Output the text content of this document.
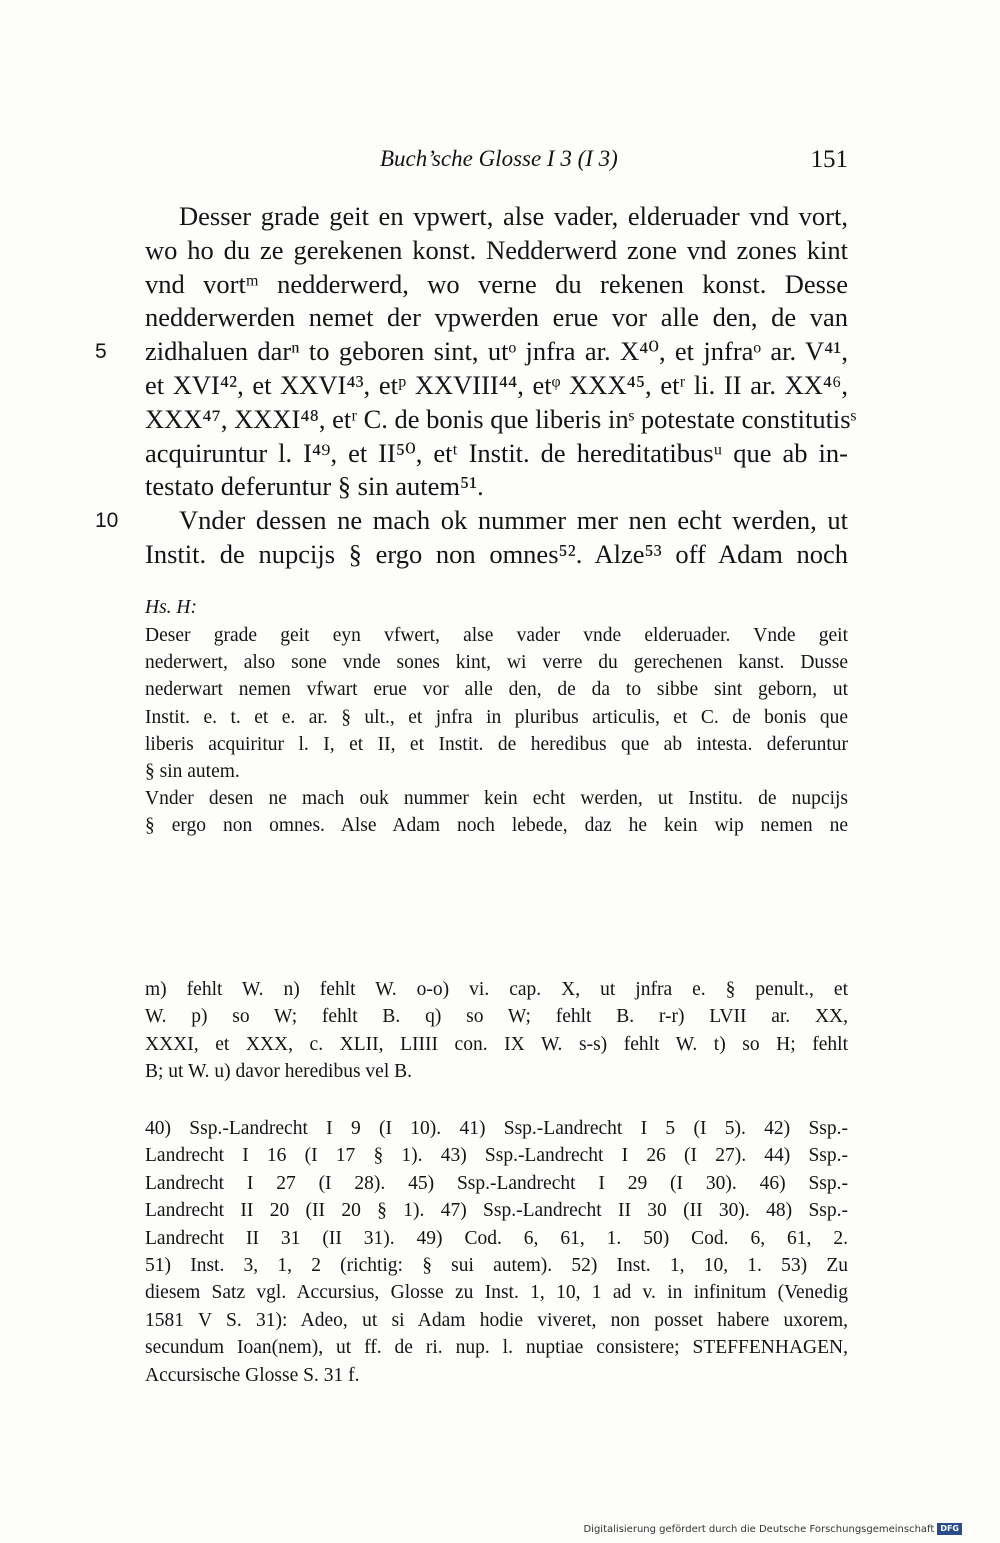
Buch’sche Glosse I 3 (I 3)	151
Desser grade geit en vpwert, alse vader, elderuader vnd vort,
wo ho du ze gerekenen konst. Nedderwerd zone vnd zones kint
vnd vortᵐ nedderwerd, wo verne du rekenen konst. Desse
nedderwerden nemet der vpwerden erue vor alle den, de van
5	zidhaluen darⁿ to geboren sint, utᵒ jnfra ar. X⁴⁰, et jnfraᵒ ar. V⁴¹,
et XVI⁴², et XXVI⁴³, etᵖ XXVIII⁴⁴, etᵠ XXX⁴⁵, etʳ li. II ar. XX⁴⁶,
XXX⁴⁷, XXXI⁴⁸, etʳ C. de bonis que liberis inˢ potestate constitutisˢ
acquiruntur l. I⁴⁹, et II⁵⁰, etᵗ Instit. de hereditatibusᵘ que ab in-
testato deferuntur § sin autem⁵¹.
10	Vnder dessen ne mach ok nummer mer nen echt werden, ut
Instit. de nupcijs § ergo non omnes⁵². Alze⁵³ off Adam noch
Hs. H:
Deser grade geit eyn vfwert, alse vader vnde elderuader. Vnde geit
nederwert, also sone vnde sones kint, wi verre du gerechenen kanst. Dusse
nederwart nemen vfwart erue vor alle den, de da to sibbe sint geborn, ut
Instit. e. t. et e. ar. § ult., et jnfra in pluribus articulis, et C. de bonis que
liberis acquiritur l. I, et II, et Instit. de heredibus que ab intesta. deferuntur
§ sin autem.
Vnder desen ne mach ouk nummer kein echt werden, ut Institu. de nupcijs
§ ergo non omnes. Alse Adam noch lebede, daz he kein wip nemen ne
m) fehlt W. n) fehlt W. o-o) vi. cap. X, ut jnfra e. § penult., et
W. p) so W; fehlt B. q) so W; fehlt B. r-r) LVII ar. XX,
XXXI, et XXX, c. XLII, LIIII con. IX W. s-s) fehlt W. t) so H; fehlt
B; ut W. u) davor heredibus vel B.
40) Ssp.-Landrecht I 9 (I 10). 41) Ssp.-Landrecht I 5 (I 5). 42) Ssp.-
Landrecht I 16 (I 17 § 1). 43) Ssp.-Landrecht I 26 (I 27). 44) Ssp.-
Landrecht I 27 (I 28). 45) Ssp.-Landrecht I 29 (I 30). 46) Ssp.-
Landrecht II 20 (II 20 § 1). 47) Ssp.-Landrecht II 30 (II 30). 48) Ssp.-
Landrecht II 31 (II 31). 49) Cod. 6, 61, 1. 50) Cod. 6, 61, 2.
51) Inst. 3, 1, 2 (richtig: § sui autem). 52) Inst. 1, 10, 1. 53) Zu
diesem Satz vgl. Accursius, Glosse zu Inst. 1, 10, 1 ad v. in infinitum (Venedig
1581 V S. 31): Adeo, ut si Adam hodie viveret, non posset habere uxorem,
secundum Ioan(nem), ut ff. de ri. nup. l. nuptiae consistere; STEFFENHAGEN,
Accursische Glosse S. 31 f.
Digitalisierung gefördert durch die Deutsche Forschungsgemeinschaft DFG
